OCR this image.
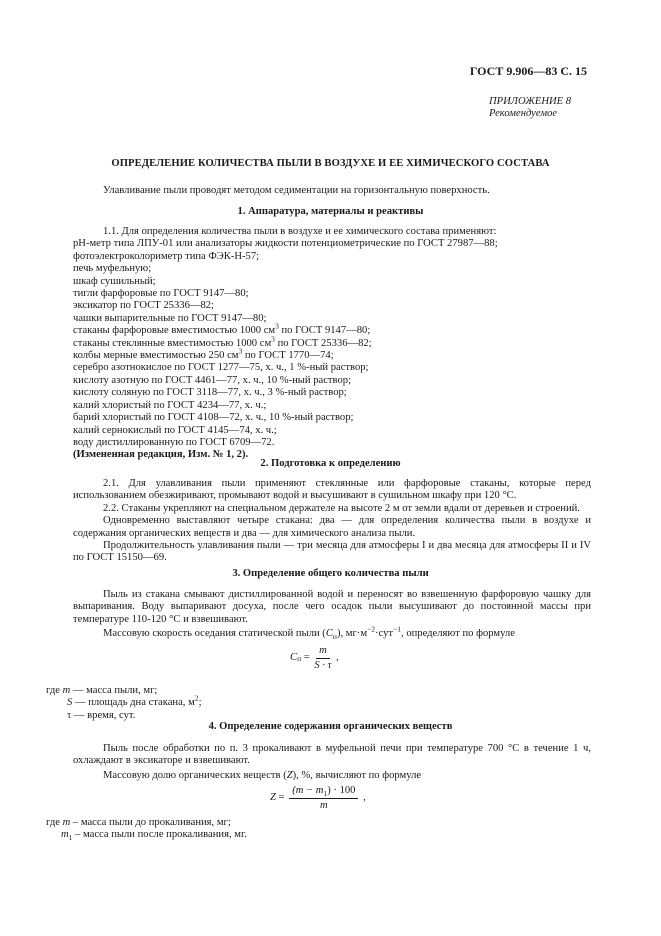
ГОСТ 9.906—83 С. 15
ПРИЛОЖЕНИЕ 8
Рекомендуемое
ОПРЕДЕЛЕНИЕ КОЛИЧЕСТВА ПЫЛИ В ВОЗДУХЕ И ЕЕ ХИМИЧЕСКОГО СОСТАВА

Улавливание пыли проводят методом седиментации на горизонтальную поверхность.

1. Аппаратура, материалы и реактивы

1.1. Для определения количества пыли в воздухе и ее химического состава применяют:

рН-метр типа ЛПУ-01 или анализаторы жидкости потенциометрические по ГОСТ 27987—88;
фотоэлектроколориметр типа ФЭК-Н-57;
печь муфельную;
шкаф сушильный;
тигли фарфоровые по ГОСТ 9147—80;
эксикатор по ГОСТ 25336—82;
чашки выпарительные по ГОСТ 9147—80;
стаканы фарфоровые вместимостью 1000 $см^3$ по ГОСТ 9147—80;
стаканы стеклянные вместимостью 1000 $см^3$ по ГОСТ 25336—82;
колбы мерные вместимостью 250 $см^3$ по ГОСТ 1770—74;
серебро азотнокислое по ГОСТ 1277—75, х. ч., 1 %-ный раствор;
кислоту азотную по ГОСТ 4461—77, х. ч., 10 %-ный раствор;
кислоту соляную по ГОСТ 3118—77, х. ч., 3 %-ный раствор;
калий хлористый по ГОСТ 4234—77, х. ч.;
барий хлористый по ГОСТ 4108—72, х. ч., 10 %-ный раствор;
калий сернокислый по ГОСТ 4145—74, х. ч.;
воду дистиллированную по ГОСТ 6709—72.
(Измененная редакция, Изм. № 1, 2).

2. Подготовка к определению

2.1. Для улавливания пыли применяют стеклянные или фарфоровые стаканы, которые перед использованием обезжиривают, промывают водой и высушивают в сушильном шкафу при 120 °С.

2.2. Стаканы укрепляют на специальном держателе на высоте 2 м от земли вдали от деревьев и строений.

Одновременно выставляют четыре стакана: два — для определения количества пыли в воздухе и содержания органических веществ и два — для химического анализа пыли.

Продолжительность улавливания пыли — три месяца для атмосферы I и два месяца для атмосферы II и IV по ГОСТ 15150—69.

3. Определение общего количества пыли

Пыль из стакана смывают дистиллированной водой и переносят во взвешенную фарфоровую чашку для выпаривания. Воду выпаривают досуха, после чего осадок пыли высушивают до постоянной массы при температуре 110-120 °С и взвешивают.

Массовую скорость оседания статической пыли $(C_п)$, $мг\cdot м^{-2}\cdot сут^{-1}$, определяют по формуле

C $п = \frac{m}{S \cdot \tau}$ ,
где m — масса пыли, мг;
S — площадь дна стакана, $м^2$;
τ — время, сут.

4. Определение содержания органических веществ

Пыль после обработки по п. 3 прокаливают в муфельной печи при температуре 700 °С в течение 1 ч, охлаждают в эксикаторе и взвешивают.

Массовую долю органических веществ (Z), %, вычисляют по формуле

$Z = \frac{(m - m_1) \cdot 100}{m}$ ,
где m – масса пыли до прокаливания, мг;
$m_1$ – масса пыли после прокаливания, мг.
